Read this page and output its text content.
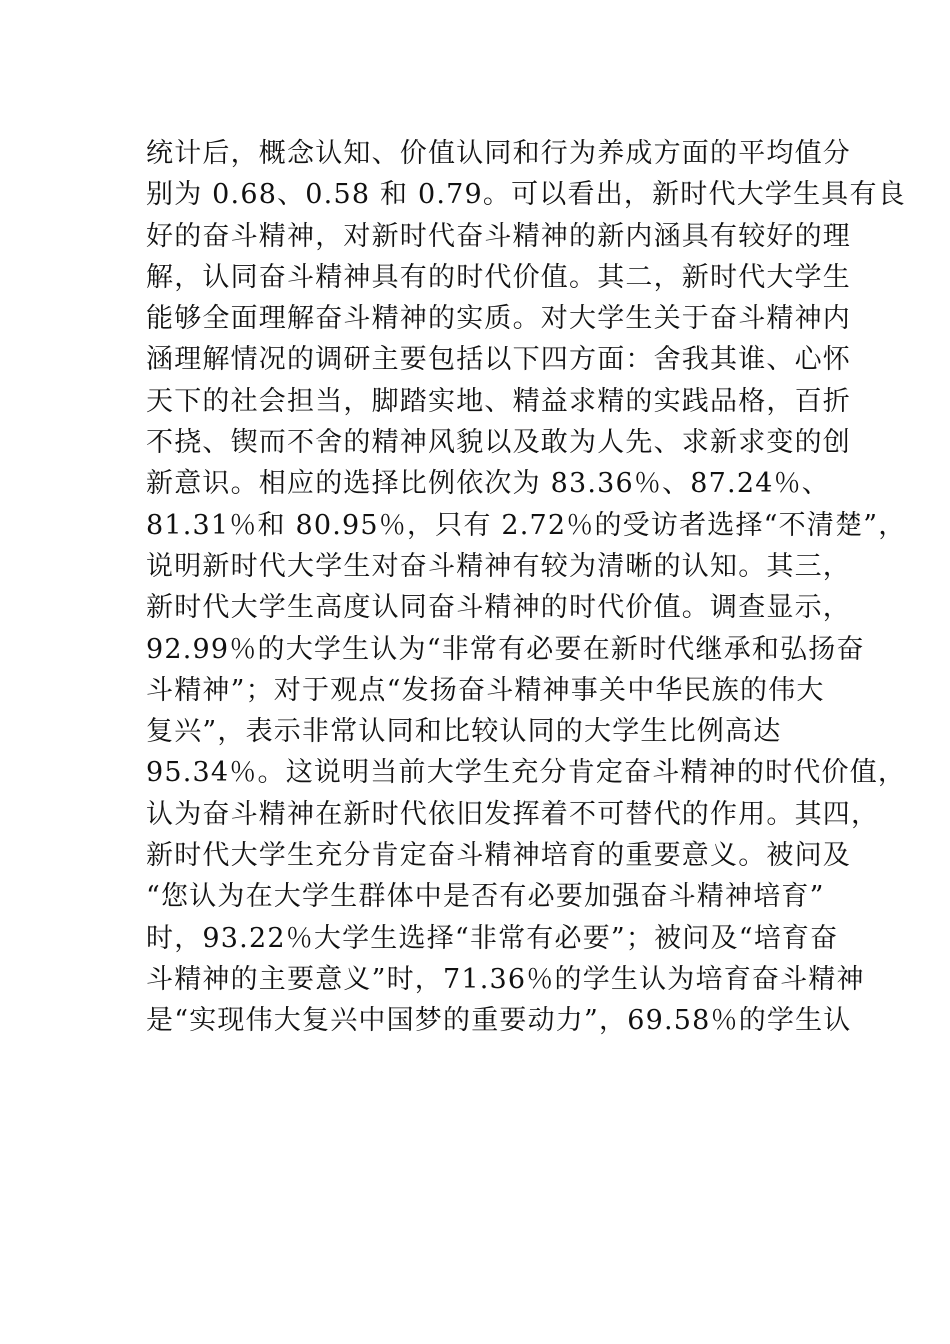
统计后，概念认知、价值认同和行为养成方面的平均值分
别为 0.68、0.58 和 0.79。可以看出，新时代大学生具有良
好的奋斗精神，对新时代奋斗精神的新内涵具有较好的理
解，认同奋斗精神具有的时代价值。其二，新时代大学生
能够全面理解奋斗精神的实质。对大学生关于奋斗精神内
涵理解情况的调研主要包括以下四方面：舍我其谁、心怀
天下的社会担当，脚踏实地、精益求精的实践品格，百折
不挠、锲而不舍的精神风貌以及敢为人先、求新求变的创
新意识。相应的选择比例依次为 83.36％、87.24％、
81.31％和 80.95％，只有 2.72％的受访者选择“不清楚”，
说明新时代大学生对奋斗精神有较为清晰的认知。其三，
新时代大学生高度认同奋斗精神的时代价值。调查显示，
92.99％的大学生认为“非常有必要在新时代继承和弘扬奋
斗精神”；对于观点“发扬奋斗精神事关中华民族的伟大
复兴”，表示非常认同和比较认同的大学生比例高达
95.34％。这说明当前大学生充分肯定奋斗精神的时代价值，
认为奋斗精神在新时代依旧发挥着不可替代的作用。其四，
新时代大学生充分肯定奋斗精神培育的重要意义。被问及
“您认为在大学生群体中是否有必要加强奋斗精神培育”
时，93.22％大学生选择“非常有必要”；被问及“培育奋
斗精神的主要意义”时，71.36％的学生认为培育奋斗精神
是“实现伟大复兴中国梦的重要动力”，69.58％的学生认
